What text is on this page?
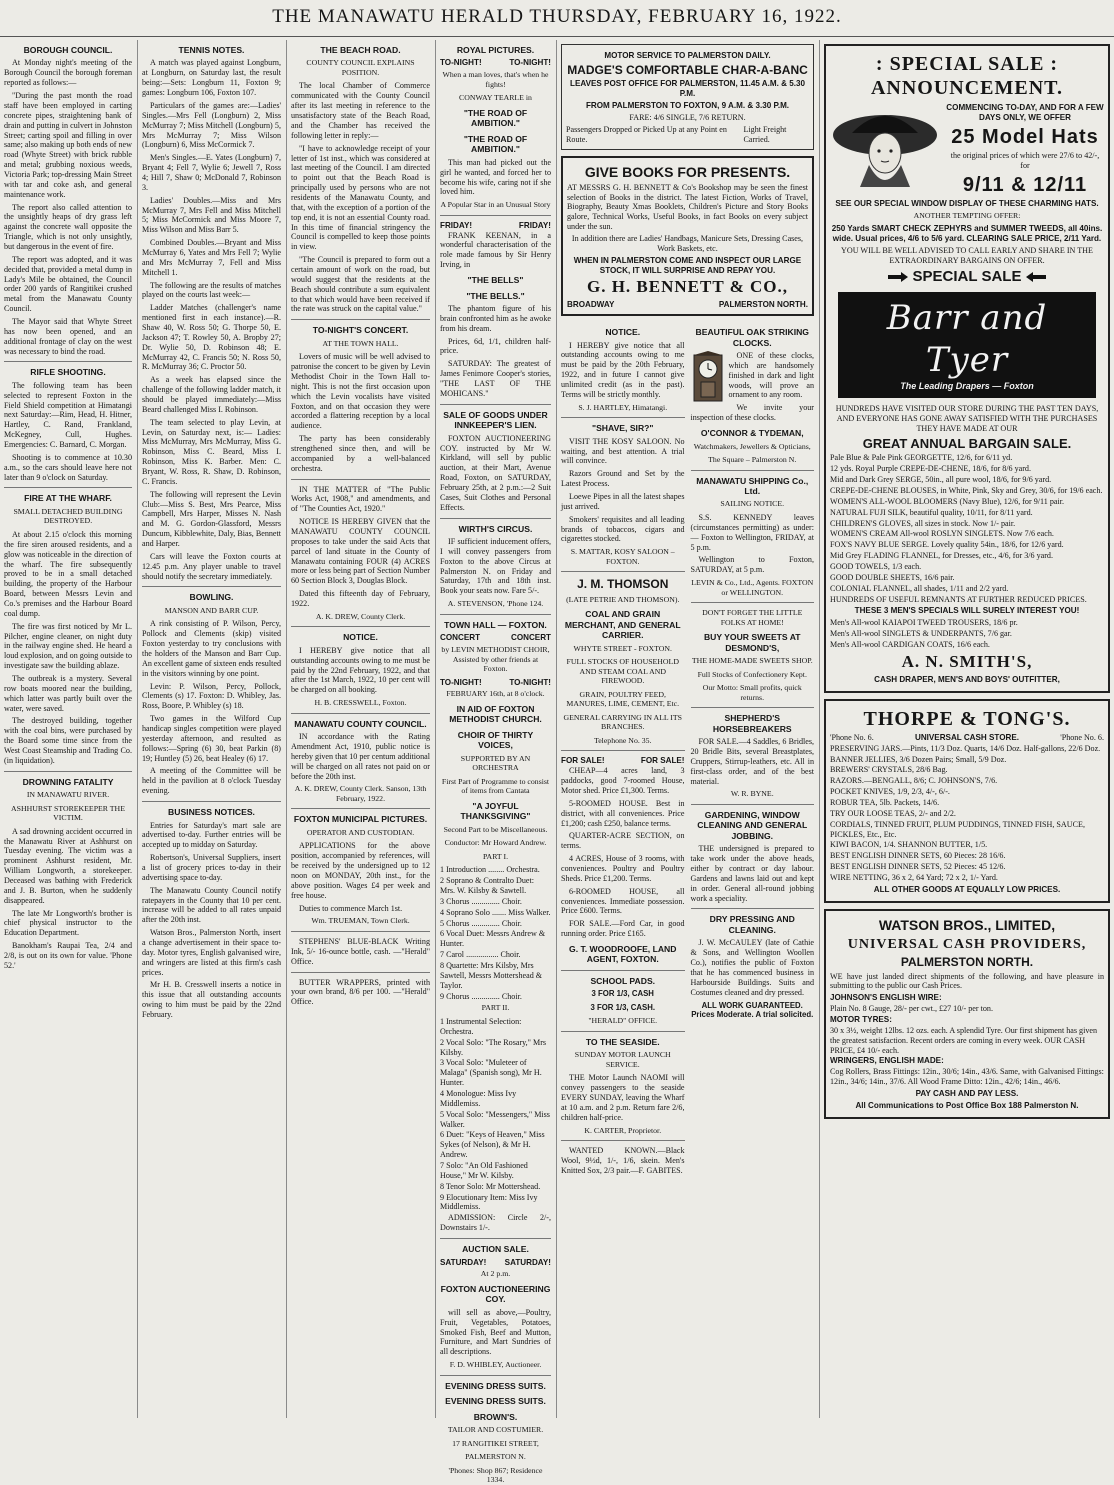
THE MANAWATU HERALD THURSDAY, FEBRUARY 16, 1922.
BOROUGH COUNCIL.

At Monday night's meeting of the Borough Council the borough foreman reported as follows:—

"During the past month the road staff have been employed in carting concrete pipes, straightening bank of drain and putting in culvert in Johnston Street; carting spoil and filling in over same; also making up both ends of new road (Whyte Street) with brick rubble and metal; grubbing noxious weeds, Victoria Park; top-dressing Main Street with tar and coke ash, and general maintenance work.

The report also called attention to the unsightly heaps of dry grass left against the concrete wall opposite the Triangle, which is not only unsightly, but dangerous in the event of fire.

The report was adopted, and it was decided that, provided a metal dump in Lady's Mile be obtained, the Council order 200 yards of Rangitikei crushed metal from the Manawatu County Council.

The Mayor said that Whyte Street has now been opened, and an additional frontage of clay on the west was necessary to bind the road.

RIFLE SHOOTING.

The following team has been selected to represent Foxton in the Field Shield competition at Himatangi next Saturday:—Rim, Head, H. Hitner, Hartley, C. Rand, Frankland, McKegney, Cull, Hughes. Emergencies: C. Barnard, C. Morgan.

Shooting is to commence at 10.30 a.m., so the cars should leave here not later than 9 o'clock on Saturday.

FIRE AT THE WHARF.
SMALL DETACHED BUILDING DESTROYED.

At about 2.15 o'clock this morning the fire siren aroused residents, and a glow was noticeable in the direction of the wharf. The fire subsequently proved to be in a small detached building, the property of the Harbour Board, between Messrs Levin and Co.'s premises and the Harbour Board coal dump.

The fire was first noticed by Mr L. Pilcher, engine cleaner, on night duty in the railway engine shed. He heard a loud explosion, and on going outside to investigate saw the building ablaze.

The outbreak is a mystery. Several row boats moored near the building, which latter was partly built over the water, were saved.

The destroyed building, together with the coal bins, were purchased by the Board some time since from the West Coast Steamship and Trading Co. (in liquidation).

DROWNING FATALITY
IN MANAWATU RIVER.
ASHHURST STOREKEEPER THE VICTIM.

A sad drowning accident occurred in the Manawatu River at Ashhurst on Tuesday evening. The victim was a prominent Ashhurst resident, Mr. William Longworth, a storekeeper. Deceased was bathing with Frederick and J. B. Burton, when he suddenly disappeared.

The late Mr Longworth's brother is chief physical instructor to the Education Department.

Banokham's Raupai Tea, 2/4 and 2/8, is out on its own for value. 'Phone 52.'

TENNIS NOTES.

A match was played against Longburn, at Longburn, on Saturday last, the result being:—Sets: Longburn 11, Foxton 9; games: Longburn 106, Foxton 107.

Particulars of the games are:—Ladies' Singles.—Mrs Fell (Longburn) 2, Miss McMurray 7; Miss Mitchell (Longburn) 5, Mrs McMurray 7; Miss Wilson (Longburn) 6, Miss McCormick 7.

Men's Singles.—E. Yates (Longburn) 7, Bryant 4; Fell 7, Wylie 6; Jewell 7, Ross 4; Hill 7, Shaw 0; McDonald 7, Robinson 3.

Ladies' Doubles.—Miss and Mrs McMurray 7, Mrs Fell and Miss Mitchell 5; Miss McCormick and Miss Moore 7, Miss Wilson and Miss Barr 5.

Combined Doubles.—Bryant and Miss McMurray 6, Yates and Mrs Fell 7; Wylie and Mrs McMurray 7, Fell and Miss Mitchell 1.

The following are the results of matches played on the courts last week:—

Ladder Matches (challenger's name mentioned first in each instance).—R. Shaw 40, W. Ross 50; G. Thorpe 50, E. Jackson 47; T. Rowley 50, A. Bropby 27; Dr. Wylie 50, D. Robinson 48; E. McMurray 42, C. Francis 50; N. Ross 50, R. McMurray 36; C. Proctor 50.

As a week has elapsed since the challenge of the following ladder match, it should be played immediately:—Miss Beard challenged Miss I. Robinson.

The team selected to play Levin, at Levin, on Saturday next, is:— Ladies: Miss McMurray, Mrs McMurray, Miss G. Robinson, Miss C. Beard, Miss I. Robinson, Miss K. Barber. Men: C. Bryant, W. Ross, R. Shaw, D. Robinson, C. Francis.

The following will represent the Levin Club:—Miss S. Best, Mrs Pearce, Miss Campbell, Mrs Harper, Misses N. Nash and M. G. Gordon-Glassford, Messrs Duncum, Kibblewhite, Daly, Bias, Bennett and Harper.

Cars will leave the Foxton courts at 12.45 p.m. Any player unable to travel should notify the secretary immediately.

BOWLING.
MANSON AND BARR CUP.

A rink consisting of P. Wilson, Percy, Pollock and Clements (skip) visited Foxton yesterday to try conclusions with the holders of the Manson and Barr Cup. An excellent game of sixteen ends resulted in the visitors winning by one point.

Levin: P. Wilson, Percy, Pollock, Clements (s) 17. Foxton: D. Whibley, Jas. Ross, Boore, P. Whibley (s) 18.

Two games in the Wilford Cup handicap singles competition were played yesterday afternoon, and resulted as follows:—Spring (6) 30, beat Parkin (8) 19; Huntley (5) 26, beat Healey (6) 17.

A meeting of the Committee will be held in the pavilion at 8 o'clock Tuesday evening.

BUSINESS NOTICES.

Entries for Saturday's mart sale are advertised to-day. Further entries will be accepted up to midday on Saturday.

Robertson's, Universal Suppliers, insert a list of grocery prices to-day in their advertising space to-day.

The Manawatu County Council notify ratepayers in the County that 10 per cent. increase will be added to all rates unpaid after the 20th inst.

Watson Bros., Palmerston North, insert a change advertisement in their space to-day. Motor tyres, English galvanised wire, and wringers are listed at this firm's cash prices.

Mr H. B. Cresswell inserts a notice in this issue that all outstanding accounts owing to him must be paid by the 22nd February.

THE BEACH ROAD.
COUNTY COUNCIL EXPLAINS POSITION.

The local Chamber of Commerce communicated with the County Council after its last meeting in reference to the unsatisfactory state of the Beach Road, and the Chamber has received the following letter in reply:—

"I have to acknowledge receipt of your letter of 1st inst., which was considered at last meeting of the Council. I am directed to point out that the Beach Road is principally used by persons who are not residents of the Manawatu County, and that, with the exception of a portion of the top end, it is not an essential County road. In this time of financial stringency the Council is compelled to keep those points in view.

"The Council is prepared to form out a certain amount of work on the road, but would suggest that the residents at the Beach should contribute a sum equivalent to that which would have been received if the rate was struck on the capital value."

TO-NIGHT'S CONCERT.
AT THE TOWN HALL.

Lovers of music will be well advised to patronise the concert to be given by Levin Methodist Choir in the Town Hall to-night. This is not the first occasion upon which the Levin vocalists have visited Foxton, and on that occasion they were accorded a flattering reception by a local audience.

The party has been considerably strengthened since then, and will be accompanied by a well-balanced orchestra.

IN THE MATTER of "The Public Works Act, 1908," and amendments, and of "The Counties Act, 1920."

NOTICE IS HEREBY GIVEN that the MANAWATU COUNTY COUNCIL proposes to take under the said Acts that parcel of land situate in the County of Manawatu containing FOUR (4) ACRES more or less being part of Section Number 60 Section Block 3, Douglas Block.

Dated this fifteenth day of February, 1922.

A. K. DREW, County Clerk.
NOTICE.

I HEREBY give notice that all outstanding accounts owing to me must be paid by the 22nd February, 1922, and that after the 1st March, 1922, 10 per cent will be charged on all booking.

H. B. CRESSWELL, Foxton.
MANAWATU COUNTY COUNCIL.

IN accordance with the Rating Amendment Act, 1910, public notice is hereby given that 10 per centum additional will be charged on all rates not paid on or before the 20th inst.

A. K. DREW, County Clerk. Sanson, 13th February, 1922.
FOXTON MUNICIPAL PICTURES.
OPERATOR AND CUSTODIAN.

APPLICATIONS for the above position, accompanied by references, will be received by the undersigned up to 12 noon on MONDAY, 20th inst., for the above position. Wages £4 per week and free house.

Duties to commence March 1st.

Wm. TRUEMAN, Town Clerk.

STEPHENS' BLUE-BLACK Writing Ink, 5/- 16-ounce bottle, cash. —"Herald" Office.

BUTTER WRAPPERS, printed with your own brand, 8/6 per 100. —"Herald" Office.

ROYAL PICTURES.
TO-NIGHT!	TO-NIGHT!
When a man loves, that's when he fights!
CONWAY TEARLE in
"THE ROAD OF AMBITION."
"THE ROAD OF AMBITION."

This man had picked out the girl he wanted, and forced her to become his wife, caring not if she loved him.

A Popular Star in an Unusual Story
FRIDAY!	FRIDAY!

FRANK KEENAN, in a wonderful characterisation of the role made famous by Sir Henry Irving, in

"THE BELLS"
"THE BELLS."

The phantom figure of his brain confronted him as he awoke from his dream.

Prices, 6d, 1/1, children half-price.

SATURDAY: The greatest of James Fenimore Cooper's stories, "THE LAST OF THE MOHICANS."

SALE OF GOODS UNDER INNKEEPER'S LIEN.

FOXTON AUCTIONEERING COY. instructed by Mr W. Kirkland, will sell by public auction, at their Mart, Avenue Road, Foxton, on SATURDAY, February 25th, at 2 p.m.:—2 Suit Cases, Suit Clothes and Personal Effects.

WIRTH'S CIRCUS.

IF sufficient inducement offers, I will convey passengers from Foxton to the above Circus at Palmerston N. on Friday and Saturday, 17th and 18th inst. Book your seats now. Fare 5/-.

A. STEVENSON, 'Phone 124.
TOWN HALL — FOXTON.
CONCERT	CONCERT
by LEVIN METHODIST CHOIR, Assisted by other friends at Foxton.
TO-NIGHT!	TO-NIGHT!
FEBRUARY 16th, at 8 o'clock.
IN AID OF FOXTON METHODIST CHURCH.
CHOIR OF THIRTY VOICES,
SUPPORTED BY AN ORCHESTRA
First Part of Programme to consist of items from Cantata
"A JOYFUL THANKSGIVING"
Second Part to be Miscellaneous.
Conductor: Mr Howard Andrew.
PART I.

1 Introduction ........ Orchestra.

2 Soprano & Contralto Duet: Mrs. W. Kilsby & Sawtell.

3 Chorus .............. Choir.

4 Soprano Solo ....... Miss Walker.

5 Chorus .............. Choir.

6 Vocal Duet: Messrs Andrew & Hunter.

7 Carol ................ Choir.

8 Quartette: Mrs Kilsby, Mrs Sawtell, Messrs Mottershead & Taylor.

9 Chorus .............. Choir.

PART II.

1 Instrumental Selection: Orchestra.

2 Vocal Solo: "The Rosary," Mrs Kilsby.

3 Vocal Solo: "Muleteer of Malaga" (Spanish song), Mr H. Hunter.

4 Monologue: Miss Ivy Middlemiss.

5 Vocal Solo: "Messengers," Miss Walker.

6 Duet: "Keys of Heaven," Miss Sykes (of Nelson), & Mr H. Andrew.

7 Solo: "An Old Fashioned House," Mr W. Kilsby.

8 Tenor Solo: Mr Mottershead.

9 Elocutionary Item: Miss Ivy Middlemiss.

ADMISSION: Circle 2/-, Downstairs 1/-.

AUCTION SALE.
SATURDAY! SATURDAY!
At 2 p.m.
FOXTON AUCTIONEERING COY.

will sell as above,—Poultry, Fruit, Vegetables, Potatoes, Smoked Fish, Beef and Mutton, Furniture, and Mart Sundries of all descriptions.

F. D. WHIBLEY, Auctioneer.
EVENING DRESS SUITS.
EVENING DRESS SUITS.
BROWN'S.
TAILOR AND COSTUMIER.
17 RANGITIKEI STREET,
PALMERSTON N.
'Phones: Shop 867; Residence 1334.

MOTOR SERVICE TO PALMERSTON DAILY.

MADGE'S COMFORTABLE CHAR-A-BANC

LEAVES POST OFFICE FOR PALMERSTON, 11.45 A.M. & 5.30 P.M.

FROM PALMERSTON TO FOXTON, 9 A.M. & 3.30 P.M.

FARE: 4/6 SINGLE, 7/6 RETURN.

Passengers Dropped or Picked Up at any Point en Route.
Light Freight Carried.

GIVE BOOKS FOR PRESENTS.

AT MESSRS G. H. BENNETT & Co's Bookshop may be seen the finest selection of Books in the district. The latest Fiction, Works of Travel, Biography, Beauty Xmas Booklets, Children's Picture and Story Books galore, Technical Works, Useful Books, in fact Books on every subject under the sun.

In addition there are Ladies' Handbags, Manicure Sets, Dressing Cases, Work Baskets, etc.

WHEN IN PALMERSTON COME AND INSPECT OUR LARGE STOCK, IT WILL SURPRISE AND REPAY YOU.

G. H. BENNETT & CO.,

BROADWAY	PALMERSTON NORTH.
NOTICE.

I HEREBY give notice that all outstanding accounts owing to me must be paid by the 20th February, 1922, and in future I cannot give unlimited credit (as in the past). Terms will be strictly monthly.

S. J. HARTLEY, Himatangi.
"SHAVE, SIR?"

VISIT THE KOSY SALOON. No waiting, and best attention. A trial will convince.

Razors Ground and Set by the Latest Process.

Loewe Pipes in all the latest shapes just arrived.

Smokers' requisites and all leading brands of tobaccos, cigars and cigarettes stocked.

S. MATTAR, KOSY SALOON – FOXTON.
J. M. THOMSON
(LATE PETRIE AND THOMSON).
COAL AND GRAIN MERCHANT, AND GENERAL CARRIER.
WHYTE STREET - FOXTON.
FULL STOCKS OF HOUSEHOLD AND STEAM COAL AND FIREWOOD.
GRAIN, POULTRY FEED, MANURES, LIME, CEMENT, Etc.
GENERAL CARRYING IN ALL ITS BRANCHES.
Telephone No. 35.
FOR SALE!	FOR SALE!

CHEAP—4 acres land, 3 paddocks, good 7-roomed House, Motor shed. Price £1,300. Terms.

5-ROOMED HOUSE. Best in district, with all conveniences. Price £1,200; cash £250, balance terms.

QUARTER-ACRE SECTION, on terms.

4 ACRES, House of 3 rooms, with conveniences. Poultry and Poultry Sheds. Price £1,200. Terms.

6-ROOMED HOUSE, all conveniences. Immediate possession. Price £600. Terms.

FOR SALE.—Ford Car, in good running order. Price £165.

G. T. WOODROOFE, LAND AGENT, FOXTON.
SCHOOL PADS.
3 FOR 1/3, CASH
3 FOR 1/3, CASH.
"HERALD" OFFICE.
TO THE SEASIDE.
SUNDAY MOTOR LAUNCH SERVICE.

THE Motor Launch NAOMI will convey passengers to the seaside EVERY SUNDAY, leaving the Wharf at 10 a.m. and 2 p.m. Return fare 2/6, children half-price.

K. CARTER, Proprietor.

WANTED KNOWN.—Black Wool, 9½d, 1/-, 1/6, skein. Men's Knitted Sox, 2/3 pair.—F. GABITES.

BEAUTIFUL OAK STRIKING CLOCKS.

ONE of these clocks, which are handsomely finished in dark and light woods, will prove an ornament to any room.

We invite your inspection of these clocks.

O'CONNOR & TYDEMAN,
Watchmakers, Jewellers & Opticians,
The Square – Palmerston N.
MANAWATU SHIPPING Co., Ltd.
SAILING NOTICE.

S.S. KENNEDY leaves (circumstances permitting) as under:— Foxton to Wellington, FRIDAY, at 5 p.m.

Wellington to Foxton, SATURDAY, at 5 p.m.

LEVIN & Co., Ltd., Agents. FOXTON or WELLINGTON.
DON'T FORGET THE LITTLE FOLKS AT HOME!
BUY YOUR SWEETS AT DESMOND'S,
THE HOME-MADE SWEETS SHOP.
Full Stocks of Confectionery Kept.
Our Motto: Small profits, quick returns.
SHEPHERD'S HORSEBREAKERS

FOR SALE.—4 Saddles, 6 Bridles, 20 Bridle Bits, several Breastplates, Cruppers, Stirrup-leathers, etc. All in first-class order, and of the best material.

W. R. BYNE.
GARDENING, WINDOW CLEANING AND GENERAL JOBBING.

THE undersigned is prepared to take work under the above heads, either by contract or day labour. Gardens and lawns laid out and kept in order. General all-round jobbing work a speciality.

DRY PRESSING AND CLEANING.

J. W. McCAULEY (late of Cathie & Sons, and Wellington Woollen Co.), notifies the public of Foxton that he has commenced business in Harbourside Buildings. Suits and Costumes cleaned and dry pressed.

ALL WORK GUARANTEED. Prices Moderate. A trial solicited.

: SPECIAL SALE : ANNOUNCEMENT.

COMMENCING TO-DAY, AND FOR A FEW DAYS ONLY, WE OFFER

25 Model Hats

the original prices of which were 27/6 to 42/-, for

9/11 & 12/11

SEE OUR SPECIAL WINDOW DISPLAY OF THESE CHARMING HATS.

ANOTHER TEMPTING OFFER:

250 Yards SMART CHECK ZEPHYRS and SUMMER TWEEDS, all 40ins. wide. Usual prices, 4/6 to 5/6 yard. CLEARING SALE PRICE, 2/11 Yard.

YOU WILL BE WELL ADVISED TO CALL EARLY AND SHARE IN THE EXTRAORDINARY BARGAINS ON OFFER.

SPECIAL SALE

Barr and Tyer
The Leading Drapers — Foxton

HUNDREDS HAVE VISITED OUR STORE DURING THE PAST TEN DAYS, AND EVERYONE HAS GONE AWAY SATISFIED WITH THE PURCHASES THEY HAVE MADE AT OUR

GREAT ANNUAL BARGAIN SALE.

Pale Blue & Pale Pink GEORGETTE, 12/6, for 6/11 yd.

12 yds. Royal Purple CREPE-DE-CHENE, 18/6, for 8/6 yard.

Mid and Dark Grey SERGE, 50in., all pure wool, 18/6, for 9/6 yard.

CREPE-DE-CHENE BLOUSES, in White, Pink, Sky and Grey, 30/6, for 19/6 each.

WOMEN'S ALL-WOOL BLOOMERS (Navy Blue), 12/6, for 9/11 pair.

NATURAL FUJI SILK, beautiful quality, 10/11, for 8/11 yard.

CHILDREN'S GLOVES, all sizes in stock. Now 1/- pair.

WOMEN'S CREAM All-wool ROSLYN SINGLETS. Now 7/6 each.

FOX'S NAVY BLUE SERGE. Lovely quality 54in., 18/6, for 12/6 yard.

Mid Grey FLADING FLANNEL, for Dresses, etc., 4/6, for 3/6 yard.

GOOD TOWELS, 1/3 each.

GOOD DOUBLE SHEETS, 16/6 pair.

COLONIAL FLANNEL, all shades, 1/11 and 2/2 yard.

HUNDREDS OF USEFUL REMNANTS AT FURTHER REDUCED PRICES.

THESE 3 MEN'S SPECIALS WILL SURELY INTEREST YOU!

Men's All-wool KAIAPOI TWEED TROUSERS, 18/6 pr.

Men's All-wool SINGLETS & UNDERPANTS, 7/6 gar.

Men's All-wool CARDIGAN COATS, 16/6 each.

A. N. SMITH'S,

CASH DRAPER, MEN'S AND BOYS' OUTFITTER,

THORPE & TONG'S.

'Phone No. 6.	UNIVERSAL CASH STORE.	'Phone No. 6.

PRESERVING JARS.—Pints, 11/3 Doz. Quarts, 14/6 Doz. Half-gallons, 22/6 Doz.

BANNER JELLIES, 3/6 Dozen Pairs; Small, 5/9 Doz.

BREWERS' CRYSTALS, 28/6 Bag.

RAZORS.—BENGALL, 8/6; C. JOHNSON'S, 7/6.

POCKET KNIVES, 1/9, 2/3, 4/-, 6/-.

ROBUR TEA, 5lb. Packets, 14/6.

TRY OUR LOOSE TEAS, 2/- and 2/2.

CORDIALS, TINNED FRUIT, PLUM PUDDINGS, TINNED FISH, SAUCE, PICKLES, Etc., Etc.

KIWI BACON, 1/4. SHANNON BUTTER, 1/5.

BEST ENGLISH DINNER SETS, 60 Pieces: 28 16/6.

BEST ENGLISH DINNER SETS, 52 Pieces: 45 12/6.

WIRE NETTING, 36 x 2, 64 Yard; 72 x 2, 1/- Yard.

ALL OTHER GOODS AT EQUALLY LOW PRICES.

WATSON BROS., LIMITED,

UNIVERSAL CASH PROVIDERS,

PALMERSTON NORTH.

WE have just landed direct shipments of the following, and have pleasure in submitting to the public our Cash Prices.

JOHNSON'S ENGLISH WIRE:

Plain No. 8 Gauge, 28/- per cwt., £27 10/- per ton.

MOTOR TYRES:

30 x 3½, weight 12lbs. 12 ozs. each. A splendid Tyre. Our first shipment has given the greatest satisfaction. Recent orders are coming in every week. OUR CASH PRICE, £4 10/- each.

WRINGERS, ENGLISH MADE:

Cog Rollers, Brass Fittings: 12in., 30/6; 14in., 43/6. Same, with Galvanised Fittings: 12in., 34/6; 14in., 37/6. All Wood Frame Ditto: 12in., 42/6; 14in., 46/6.

PAY CASH AND PAY LESS.

All Communications to Post Office Box 188 Palmerston N.
